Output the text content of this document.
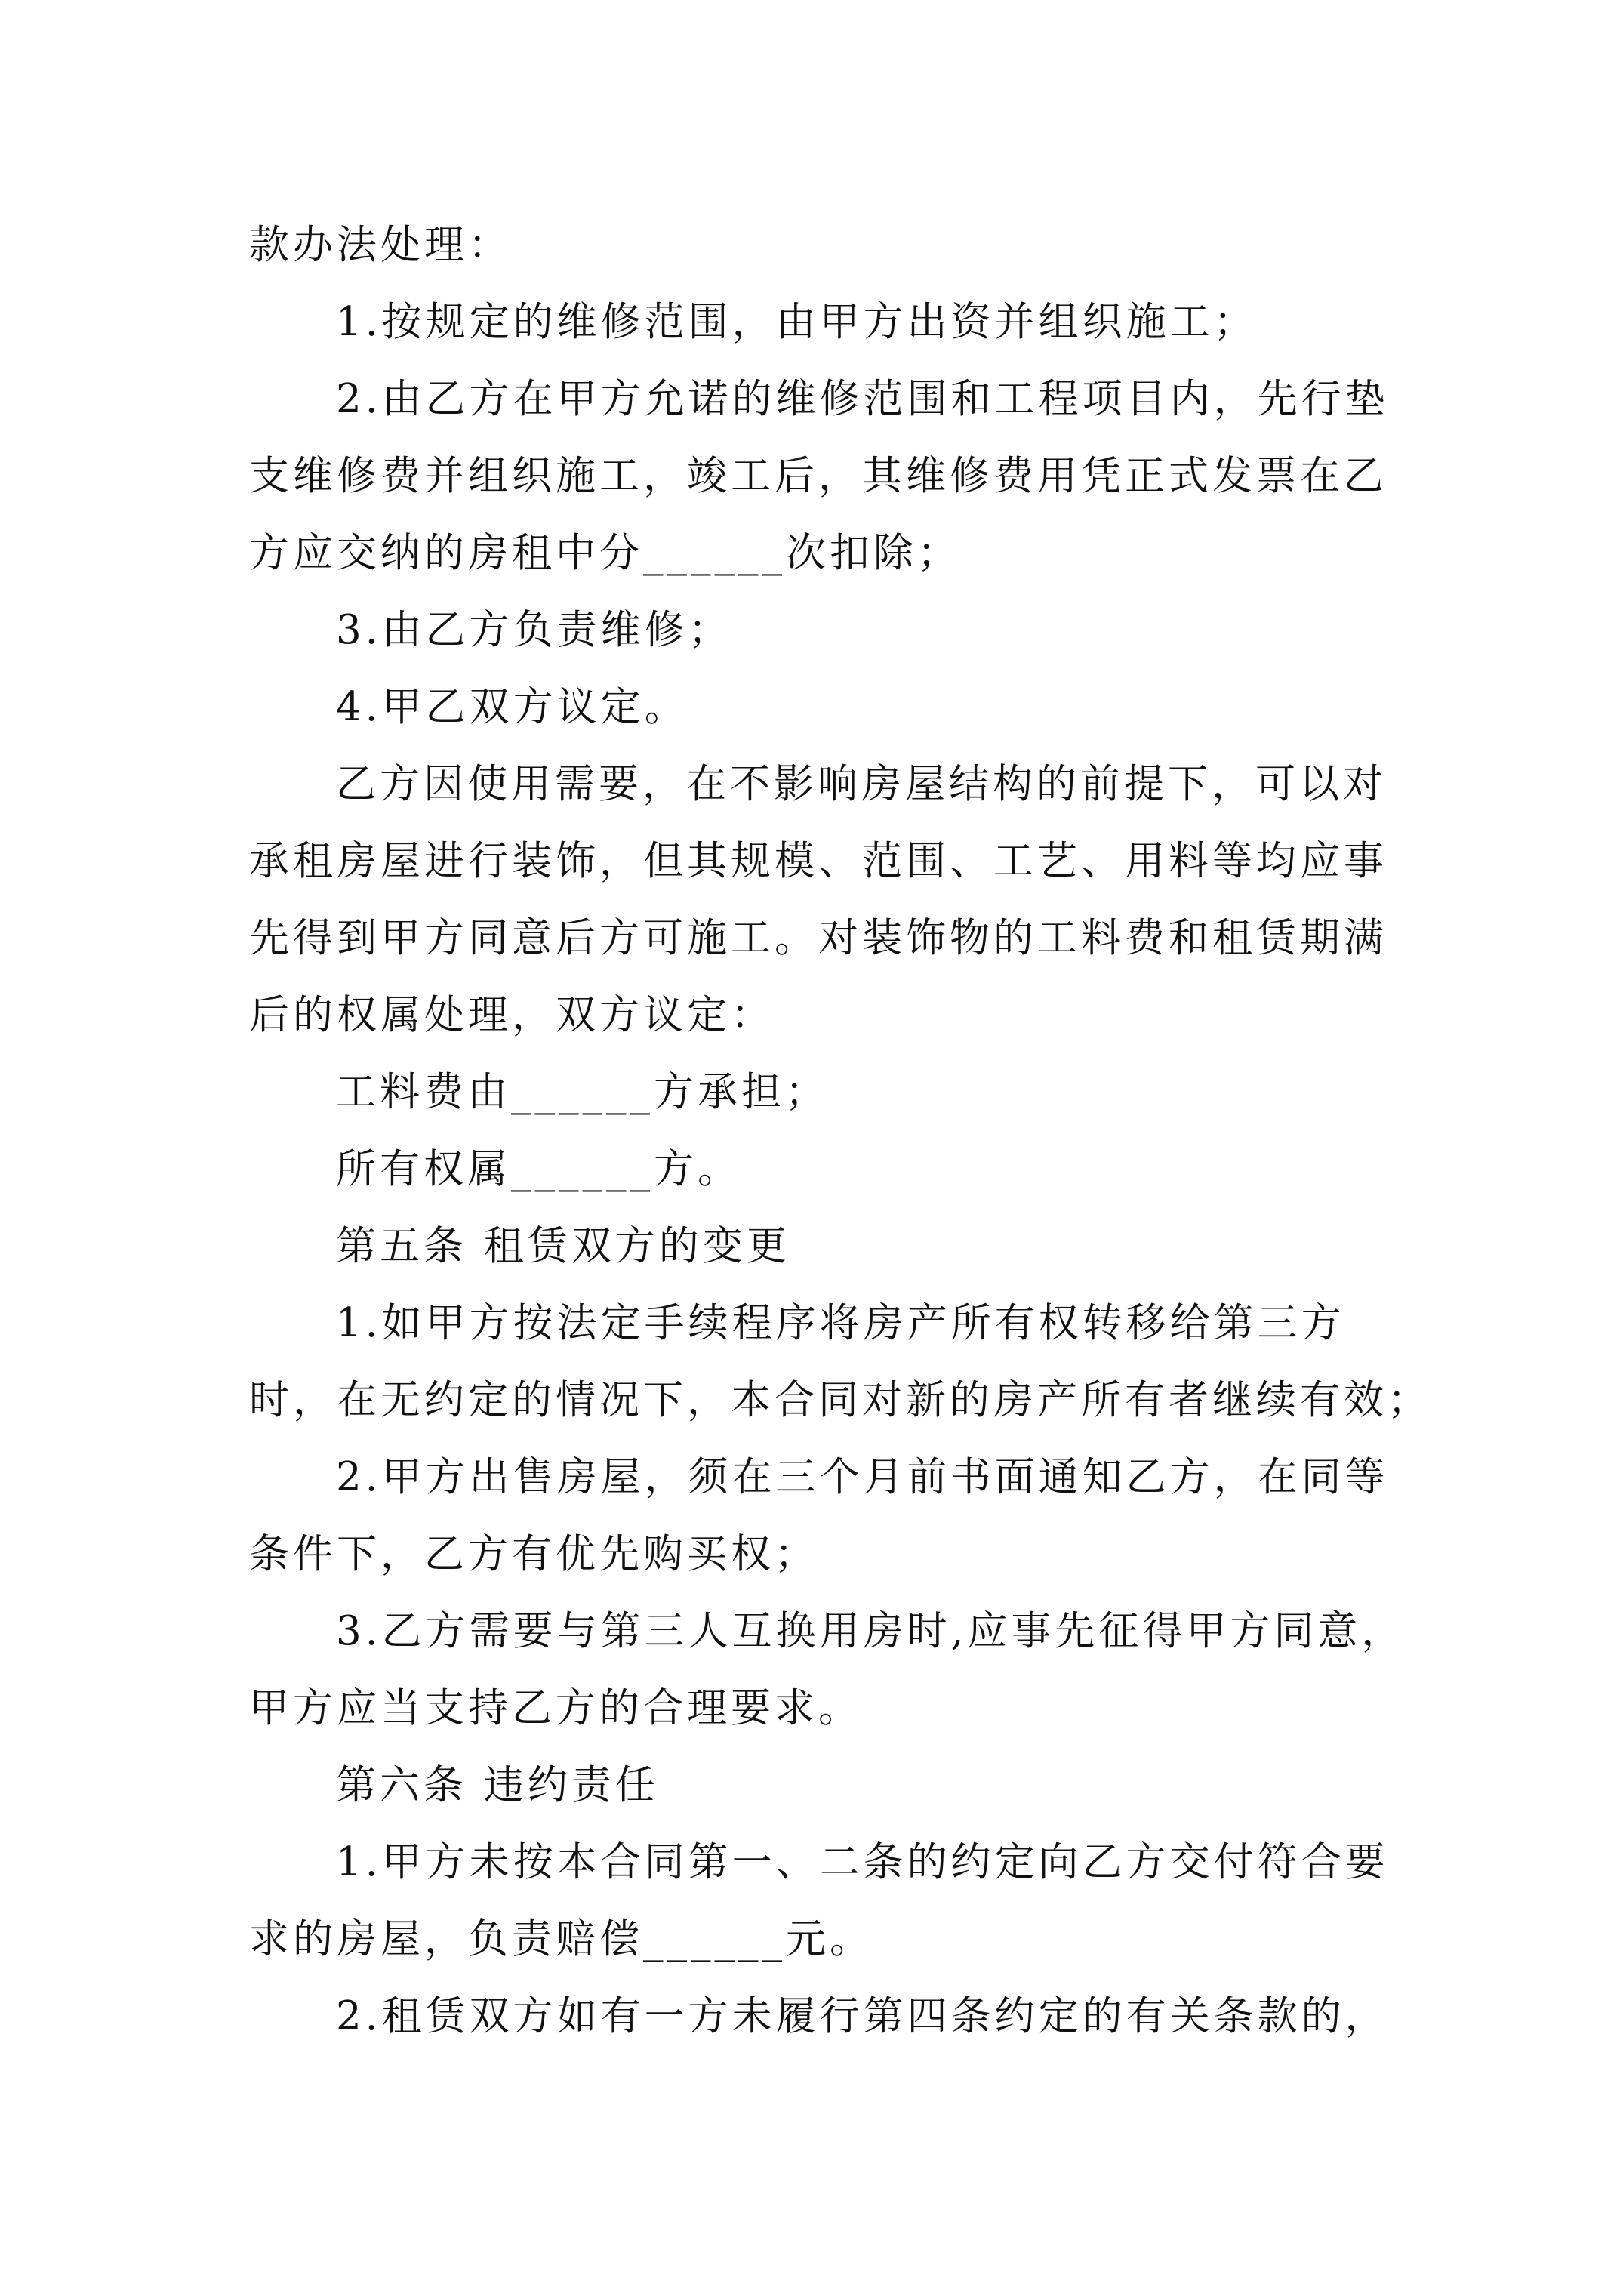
款办法处理：
1.按规定的维修范围，由甲方出资并组织施工；
2.由乙方在甲方允诺的维修范围和工程项目内，先行垫
支维修费并组织施工，竣工后，其维修费用凭正式发票在乙
方应交纳的房租中分______次扣除；
3.由乙方负责维修；
4.甲乙双方议定。
乙方因使用需要，在不影响房屋结构的前提下，可以对
承租房屋进行装饰，但其规模、范围、工艺、用料等均应事
先得到甲方同意后方可施工。对装饰物的工料费和租赁期满
后的权属处理，双方议定：
工料费由______方承担；
所有权属______方。
第五条 租赁双方的变更
1.如甲方按法定手续程序将房产所有权转移给第三方
时，在无约定的情况下，本合同对新的房产所有者继续有效；
2.甲方出售房屋，须在三个月前书面通知乙方，在同等
条件下，乙方有优先购买权；
3.乙方需要与第三人互换用房时,应事先征得甲方同意，
甲方应当支持乙方的合理要求。
第六条 违约责任
1.甲方未按本合同第一、二条的约定向乙方交付符合要
求的房屋，负责赔偿______元。
2.租赁双方如有一方未履行第四条约定的有关条款的，
